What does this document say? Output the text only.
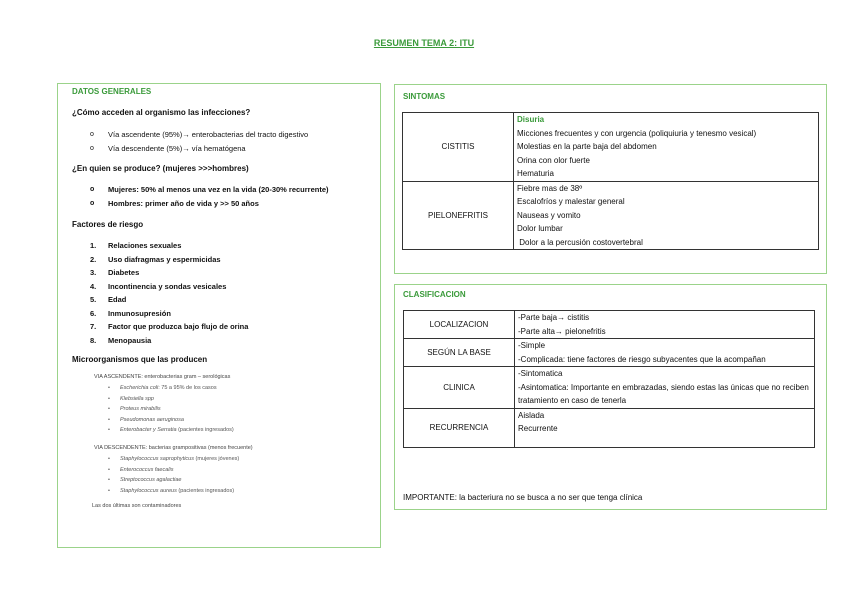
RESUMEN TEMA 2: ITU
DATOS GENERALES
¿Cómo acceden al organismo las infecciones?
o Vía ascendente (95%)→ enterobacterias del tracto digestivo
o Vía descendente (5%)→ vía hematógena
¿En quien se produce? (mujeres >>>hombres)
o Mujeres: 50% al menos una vez en la vida (20-30% recurrente)
o Hombres: primer año de vida y >> 50 años
Factores de riesgo
1. Relaciones sexuales
2. Uso diafragmas y espermicidas
3. Diabetes
4. Incontinencia y sondas vesicales
5. Edad
6. Inmunosupresión
7. Factor que produzca bajo flujo de orina
8. Menopausia
Microorganismos que las producen
VIA ASCENDENTE: enterobacterias gram – serológicas
• Escherichia coli: 75 a 95% de los casos
• Klebsiella spp
• Proteus mirabilis
• Pseudomonas aeruginosa
• Enterobacter y Serratia (pacientes ingresados)
VIA DESCENDENTE: bacterias grampositivas (menos frecuente)
• Staphylococcus saprophyticus (mujeres jóvenes)
• Enterococcus faecalis
• Streptococcus agalactiae
• Staphylococcus aureus (pacientes ingresados)
Las dos últimas son contaminadores
SINTOMAS
CISTITIS	Disuria
Micciones frecuentes y con urgencia (poliquiuria y tenesmo vesical)
Molestias en la parte baja del abdomen
Orina con olor fuerte
Hematuria

PIELONEFRITIS	Fiebre mas de 38º
Escalofríos y malestar general
Nauseas y vomito
Dolor lumbar
Dolor a la percusión costovertebral
CLASIFICACION
LOCALIZACION	-Parte baja→ cistitis
-Parte alta→ pielonefritis

SEGÚN LA BASE	-Simple
-Complicada: tiene factores de riesgo subyacentes que la acompañan

CLINICA	-Sintomatica
-Asintomatica: Importante en embrazadas, siendo estas las únicas que no reciben tratamiento en caso de tenerla

RECURRENCIA	Aislada
Recurrente
IMPORTANTE: la bacteriura no se busca a no ser que tenga clínica
